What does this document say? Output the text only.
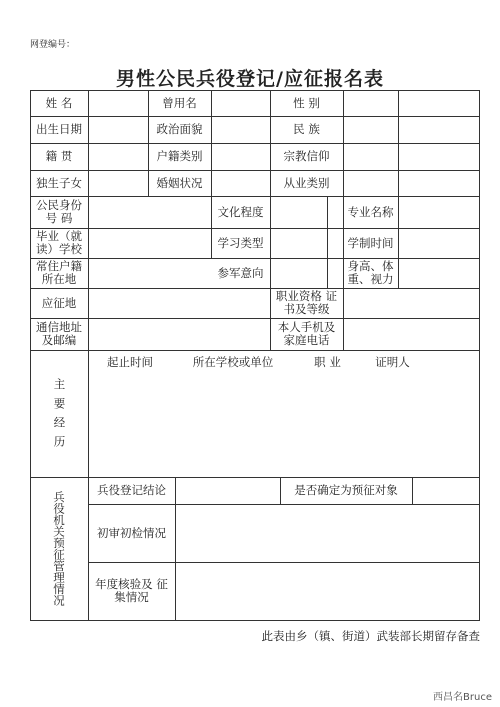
网登编号：
男性公民兵役登记/应征报名表
姓 名	曾用名	性 别
出生日期	政治面貌	民 族
籍 贯	户籍类别	宗教信仰
独生子女	婚姻状况	从业类别
公民身份 号 码	文化程度	专业名称
毕业（就 读）学校	学习类型	学制时间
常住户籍 所在地	参军意向	身高、体 重、视力
应征地	职业资格 证书及等级
通信地址 及邮编
本人手机及 家庭电话
主 要 经 历
起止时间	所在学校或单位	职 业	证明人
兵役机关预征管理情况
兵役登记结论	是否确定为预征对象
初审初检情况
年度核验及 征集情况
此表由乡（镇、街道）武装部长期留存备查
西昌名Bruce
